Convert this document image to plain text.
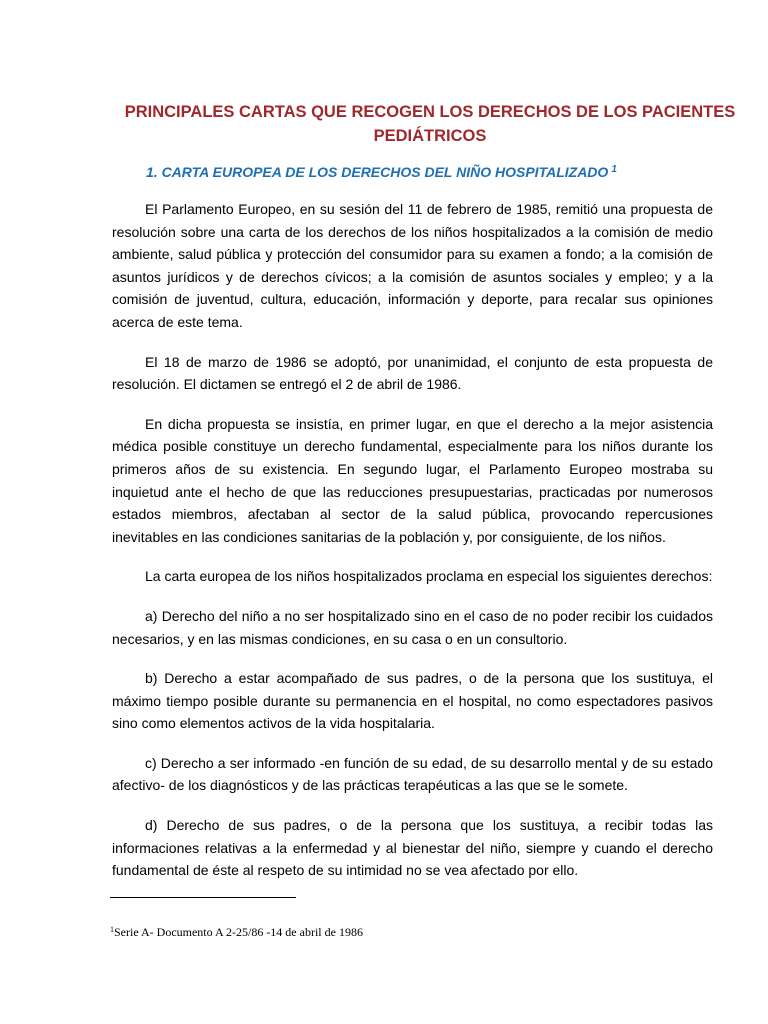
PRINCIPALES CARTAS QUE RECOGEN LOS DERECHOS DE LOS PACIENTES
PEDIÁTRICOS
1. CARTA EUROPEA DE LOS DERECHOS DEL NIÑO HOSPITALIZADO $^1$

El Parlamento Europeo, en su sesión del 11 de febrero de 1985, remitió una propuesta de resolución sobre una carta de los derechos de los niños hospitalizados a la comisión de medio ambiente, salud pública y protección del consumidor para su examen a fondo; a la comisión de asuntos jurídicos y de derechos cívicos; a la comisión de asuntos sociales y empleo; y a la comisión de juventud, cultura, educación, información y deporte, para recalar sus opiniones acerca de este tema.

El 18 de marzo de 1986 se adoptó, por unanimidad, el conjunto de esta propuesta de resolución. El dictamen se entregó el 2 de abril de 1986.

En dicha propuesta se insistía, en primer lugar, en que el derecho a la mejor asistencia médica posible constituye un derecho fundamental, especialmente para los niños durante los primeros años de su existencia. En segundo lugar, el Parlamento Europeo mostraba su inquietud ante el hecho de que las reducciones presupuestarias, practicadas por numerosos estados miembros, afectaban al sector de la salud pública, provocando repercusiones inevitables en las condiciones sanitarias de la población y, por consiguiente, de los niños.

La carta europea de los niños hospitalizados proclama en especial los siguientes derechos:

a) Derecho del niño a no ser hospitalizado sino en el caso de no poder recibir los cuidados necesarios, y en las mismas condiciones, en su casa o en un consultorio.

b) Derecho a estar acompañado de sus padres, o de la persona que los sustituya, el máximo tiempo posible durante su permanencia en el hospital, no como espectadores pasivos sino como elementos activos de la vida hospitalaria.

c) Derecho a ser informado -en función de su edad, de su desarrollo mental y de su estado afectivo- de los diagnósticos y de las prácticas terapéuticas a las que se le somete.

d) Derecho de sus padres, o de la persona que los sustituya, a recibir todas las informaciones relativas a la enfermedad y al bienestar del niño, siempre y cuando el derecho fundamental de éste al respeto de su intimidad no se vea afectado por ello.

$^1$Serie A- Documento A 2-25/86 -14 de abril de 1986
